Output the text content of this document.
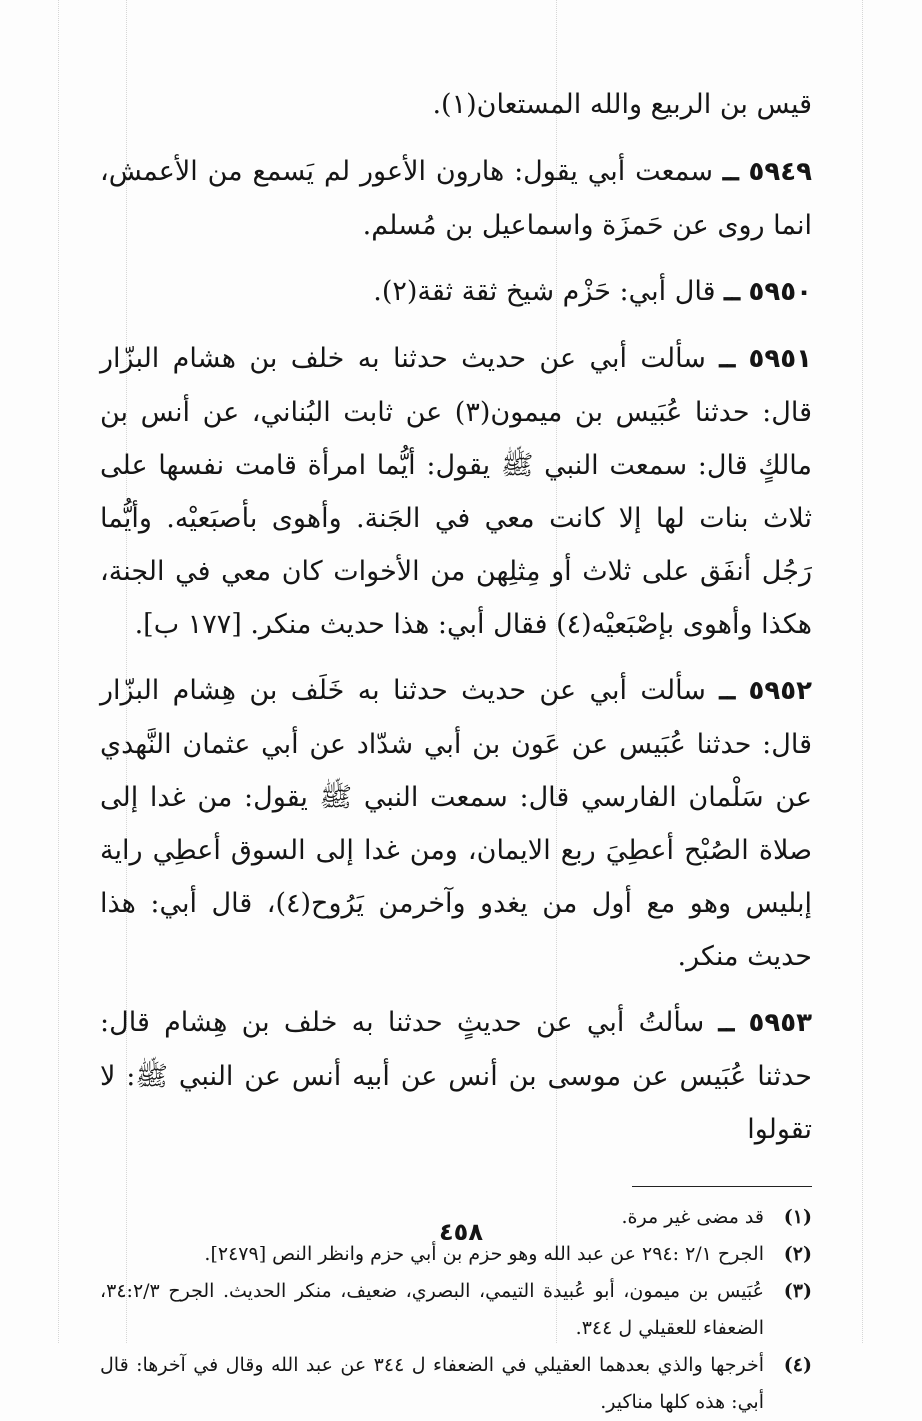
قيس بن الربيع والله المستعان(١).

٥٩٤٩ ــ سمعت أبي يقول: هارون الأعور لم يَسمع من الأعمش، انما روى عن حَمزَة واسماعيل بن مُسلم.

٥٩٥٠ ــ قال أبي: حَزْم شيخ ثقة ثقة(٢).

٥٩٥١ ــ سألت أبي عن حديث حدثنا به خلف بن هشام البزّار قال: حدثنا عُبَيس بن ميمون(٣) عن ثابت البُناني، عن أنس بن مالكٍ قال: سمعت النبي ﷺ يقول: أيُّما امرأة قامت نفسها على ثلاث بنات لها إلا كانت معي في الجَنة. وأهوى بأصبَعيْه. وأيُّما رَجُل أنفَق على ثلاث أو مِثلِهن من الأخوات كان معي في الجنة، هكذا وأهوى بإصْبَعيْه(٤) فقال أبي: هذا حديث منكر. [١٧٧ ب].

٥٩٥٢ ــ سألت أبي عن حديث حدثنا به خَلَف بن هِشام البزّار قال: حدثنا عُبَيس عن عَون بن أبي شدّاد عن أبي عثمان النَّهدي عن سَلْمان الفارسي قال: سمعت النبي ﷺ يقول: من غدا إلى صلاة الصُبْح أعطِيَ ربع الايمان، ومن غدا إلى السوق أعطِي راية إبليس وهو مع أول من يغدو وآخرمن يَرُوح(٤)، قال أبي: هذا حديث منكر.

٥٩٥٣ ــ سألتُ أبي عن حديثٍ حدثنا به خلف بن هِشام قال: حدثنا عُبَيس عن موسى بن أنس عن أبيه أنس عن النبي ﷺ: لا تقولوا

(١)
قد مضى غير مرة.
(٢)
الجرح ٢/١ :٢٩٤ عن عبد الله وهو حزم بن أبي حزم وانظر النص [٢٤٧٩].
(٣)
عُبَيس بن ميمون، أبو عُبيدة التيمي، البصري، ضعيف، منكر الحديث. الجرح ٣٤:٢/٣، الضعفاء للعقيلي ل ٣٤٤.
(٤)
أخرجها والذي بعدهما العقيلي في الضعفاء ل ٣٤٤ عن عبد الله وقال في آخرها: قال أبي: هذه كلها مناكير.
٤٥٨
